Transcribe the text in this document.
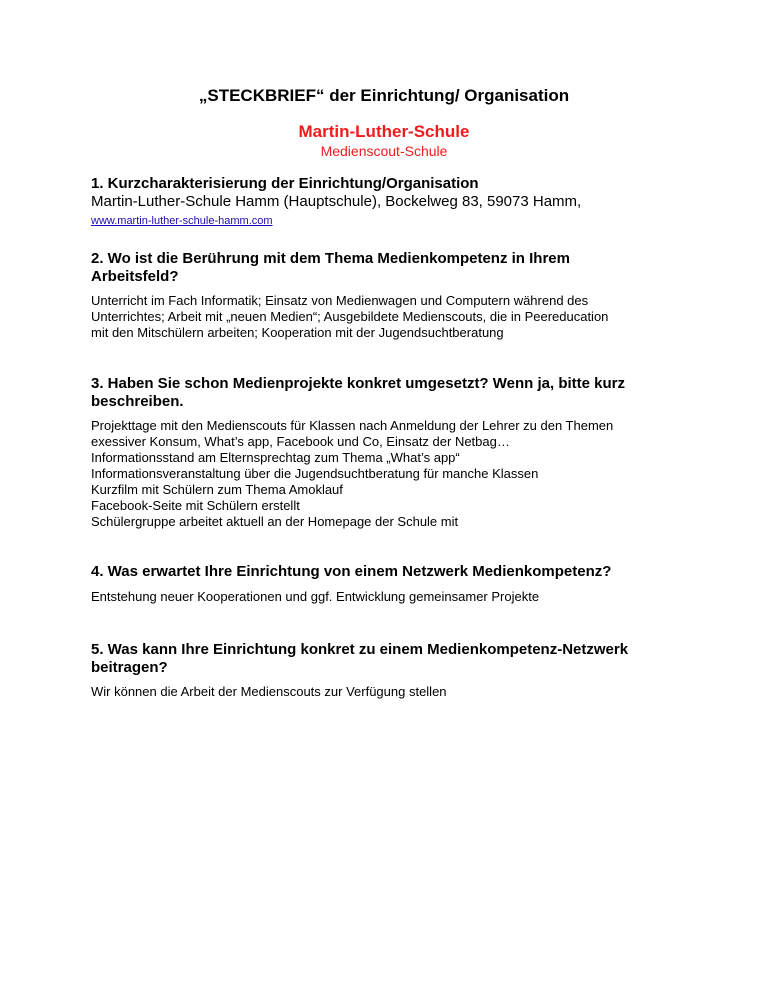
„STECKBRIEF“ der Einrichtung/ Organisation
Martin-Luther-Schule
Medienscout-Schule

1. Kurzcharakterisierung der Einrichtung/Organisation

Martin-Luther-Schule Hamm (Hauptschule), Bockelweg 83, 59073 Hamm,

www.martin-luther-schule-hamm.com

2. Wo ist die Berührung mit dem Thema Medienkompetenz in Ihrem
Arbeitsfeld?

Unterricht im Fach Informatik; Einsatz von Medienwagen und Computern während des
Unterrichtes; Arbeit mit „neuen Medien“; Ausgebildete Medienscouts, die in Peereducation
mit den Mitschülern arbeiten; Kooperation mit der Jugendsuchtberatung

3. Haben Sie schon Medienprojekte konkret umgesetzt? Wenn ja, bitte kurz
beschreiben.

Projekttage mit den Medienscouts für Klassen nach Anmeldung der Lehrer zu den Themen
exessiver Konsum, What’s app, Facebook und Co, Einsatz der Netbag…
Informationsstand am Elternsprechtag zum Thema „What’s app“
Informationsveranstaltung über die Jugendsuchtberatung für manche Klassen
Kurzfilm mit Schülern zum Thema Amoklauf
Facebook-Seite mit Schülern erstellt
Schülergruppe arbeitet aktuell an der Homepage der Schule mit

4. Was erwartet Ihre Einrichtung von einem Netzwerk Medienkompetenz?

Entstehung neuer Kooperationen und ggf. Entwicklung gemeinsamer Projekte

5. Was kann Ihre Einrichtung konkret zu einem Medienkompetenz-Netzwerk
beitragen?

Wir können die Arbeit der Medienscouts zur Verfügung stellen
